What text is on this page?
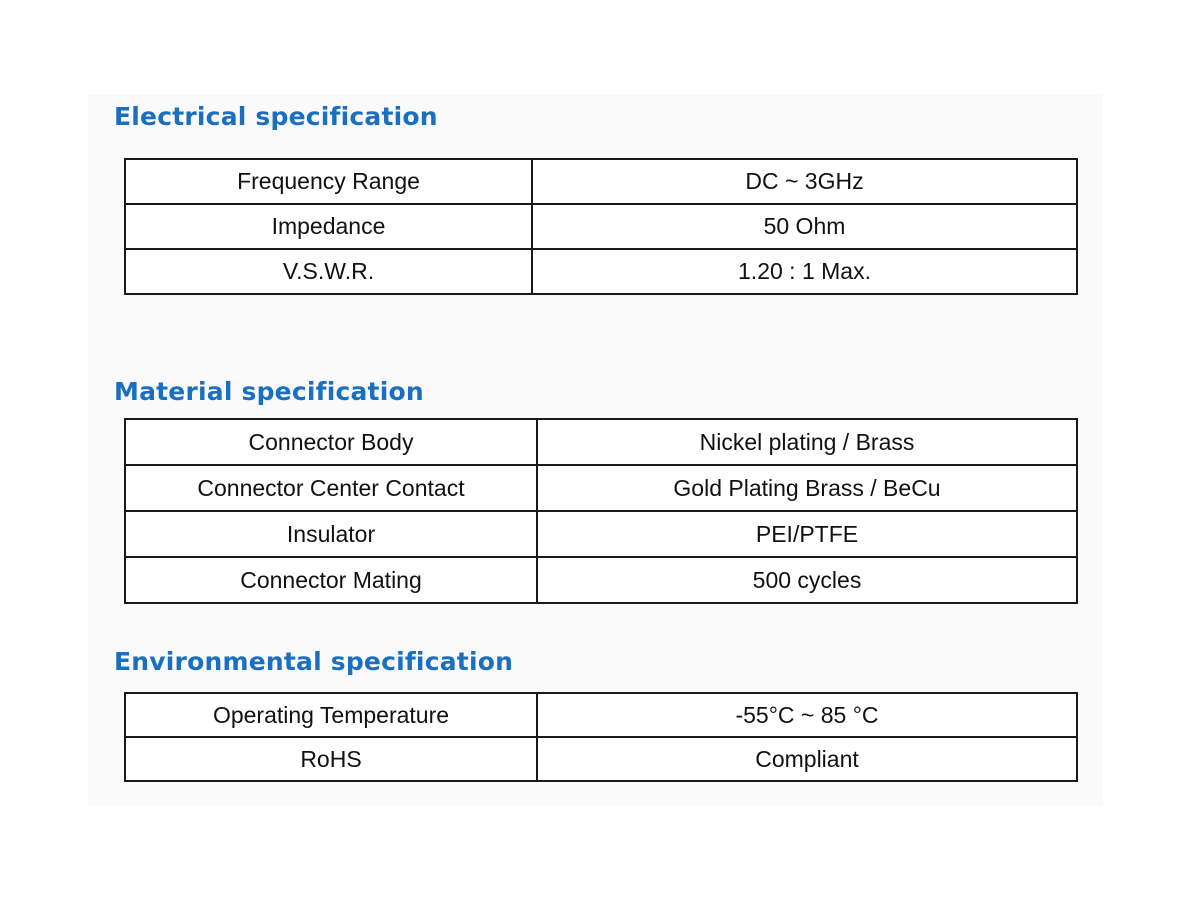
Electrical specification
Frequency Range	DC ~ 3GHz
Impedance	50 Ohm
V.S.W.R.	1.20 : 1 Max.
Material specification
Connector Body	Nickel plating / Brass
Connector Center Contact	Gold Plating Brass / BeCu
Insulator	PEI/PTFE
Connector Mating	500 cycles
Environmental specification
Operating Temperature	-55°C ~ 85 °C
RoHS	Compliant
